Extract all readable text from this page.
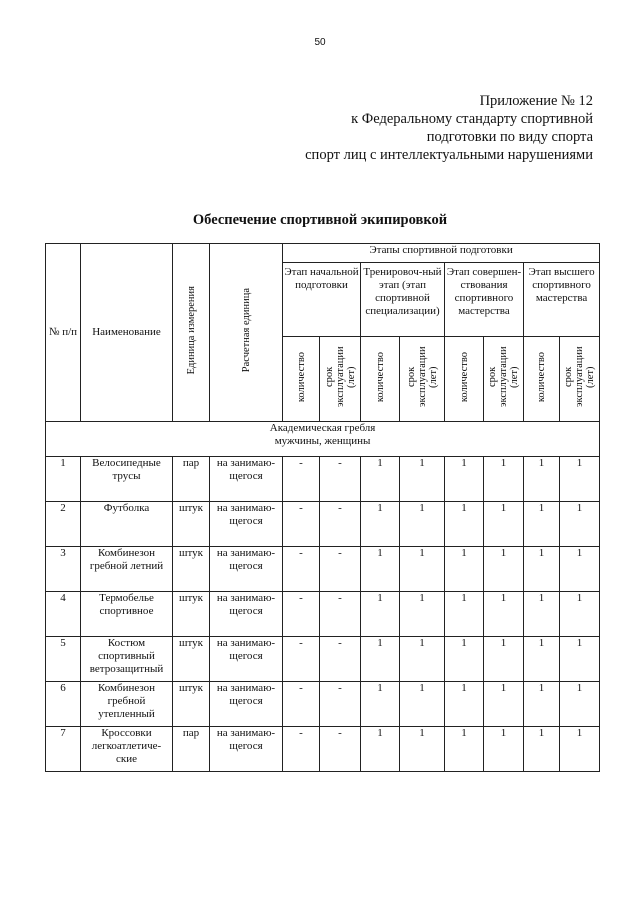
50
Приложение № 12
к Федеральному стандарту спортивной
подготовки по виду спорта
спорт лиц с интеллектуальными нарушениями
Обеспечение спортивной экипировкой
№ п/п	Наименование	Единица измерения	Расчетная единица	Этапы спортивной подготовки							
				Этап начальной подготовки		Тренировоч-ный этап (этап спортивной специализации)		Этап совершен-ствования спортивного мастерства		Этап высшего спортивного мастерства	
				количество	срок эксплуатации (лет)	количество	срок эксплуатации (лет)	количество	срок эксплуатации (лет)	количество	срок эксплуатации (лет)

Академическая гребля
мужчины, женщины											

1	Велосипедные трусы	пар	на занимаю-щегося	-	-	1	1	1	1	1	1
2	Футболка	штук	на занимаю-щегося	-	-	1	1	1	1	1	1
3	Комбинезон гребной летний	штук	на занимаю-щегося	-	-	1	1	1	1	1	1
4	Термобелье спортивное	штук	на занимаю-щегося	-	-	1	1	1	1	1	1
5	Костюм спортивный ветрозащитный	штук	на занимаю-щегося	-	-	1	1	1	1	1	1
6	Комбинезон гребной утепленный	штук	на занимаю-щегося	-	-	1	1	1	1	1	1
7	Кроссовки легкоатлетиче-ские	пар	на занимаю-щегося	-	-	1	1	1	1	1	1
